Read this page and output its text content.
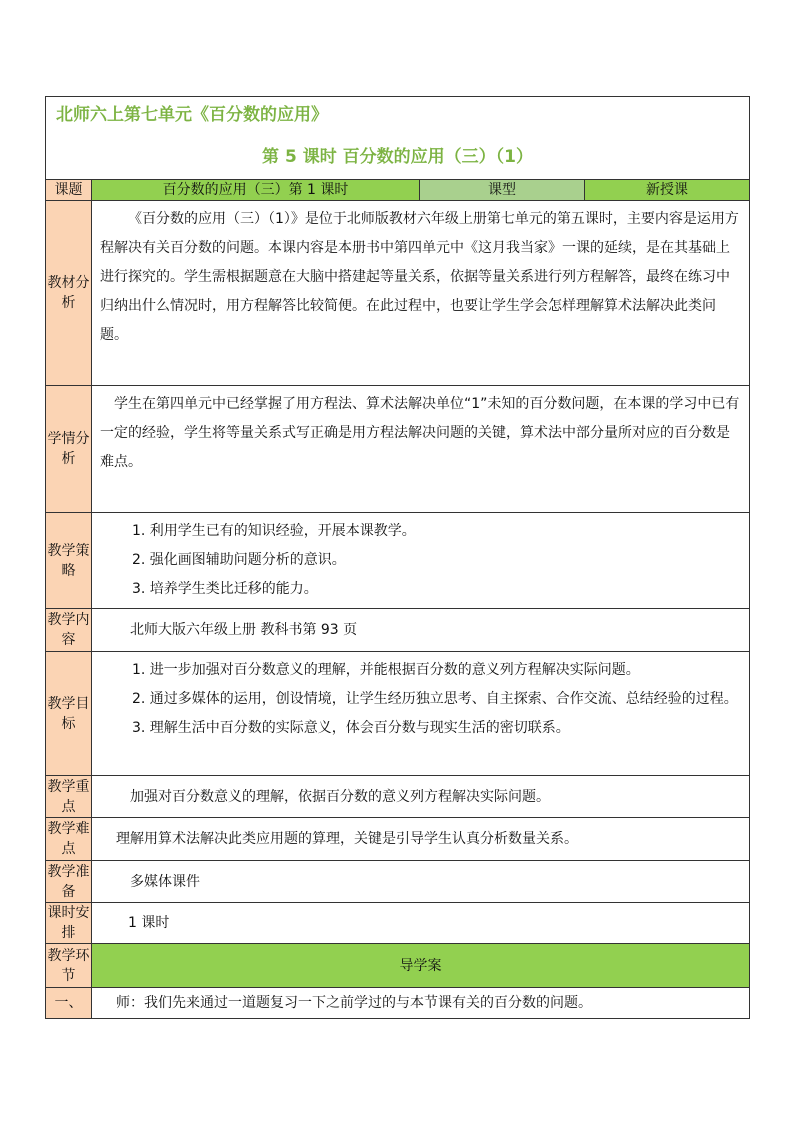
北师六上第七单元《百分数的应用》
第 5 课时 百分数的应用（三）（1）			

课题	百分数的应用（三）第 1 课时	课型	新授课
教材分析	《百分数的应用（三）（1）》是位于北师版教材六年级上册第七单元的第五课时，主要内容是运用方程解决有关百分数的问题。本课内容是本册书中第四单元中《这月我当家》一课的延续，是在其基础上进行探究的。学生需根据题意在大脑中搭建起等量关系，依据等量关系进行列方程解答，最终在练习中归纳出什么情况时，用方程解答比较简便。在此过程中，也要让学生学会怎样理解算术法解决此类问题。		

学情分析	学生在第四单元中已经掌握了用方程法、算术法解决单位“1”未知的百分数问题，在本课的学习中已有一定的经验，学生将等量关系式写正确是用方程法解决问题的关键，算术法中部分量所对应的百分数是难点。		

教学策略	1. 利用学生已有的知识经验，开展本课教学。

2. 强化画图辅助问题分析的意识。

3. 培养学生类比迁移的能力。		

教学内容	北师大版六年级上册 教科书第 93 页		
教学目标	1. 进一步加强对百分数意义的理解，并能根据百分数的意义列方程解决实际问题。

2. 通过多媒体的运用，创设情境，让学生经历独立思考、自主探索、合作交流、总结经验的过程。

3. 理解生活中百分数的实际意义，体会百分数与现实生活的密切联系。		

教学重点	加强对百分数意义的理解，依据百分数的意义列方程解决实际问题。		
教学难点	理解用算术法解决此类应用题的算理，关键是引导学生认真分析数量关系。		
教学准备	多媒体课件		
课时安排	1 课时		
教学环节	导学案		
一、	师：我们先来通过一道题复习一下之前学过的与本节课有关的百分数的问题。		
